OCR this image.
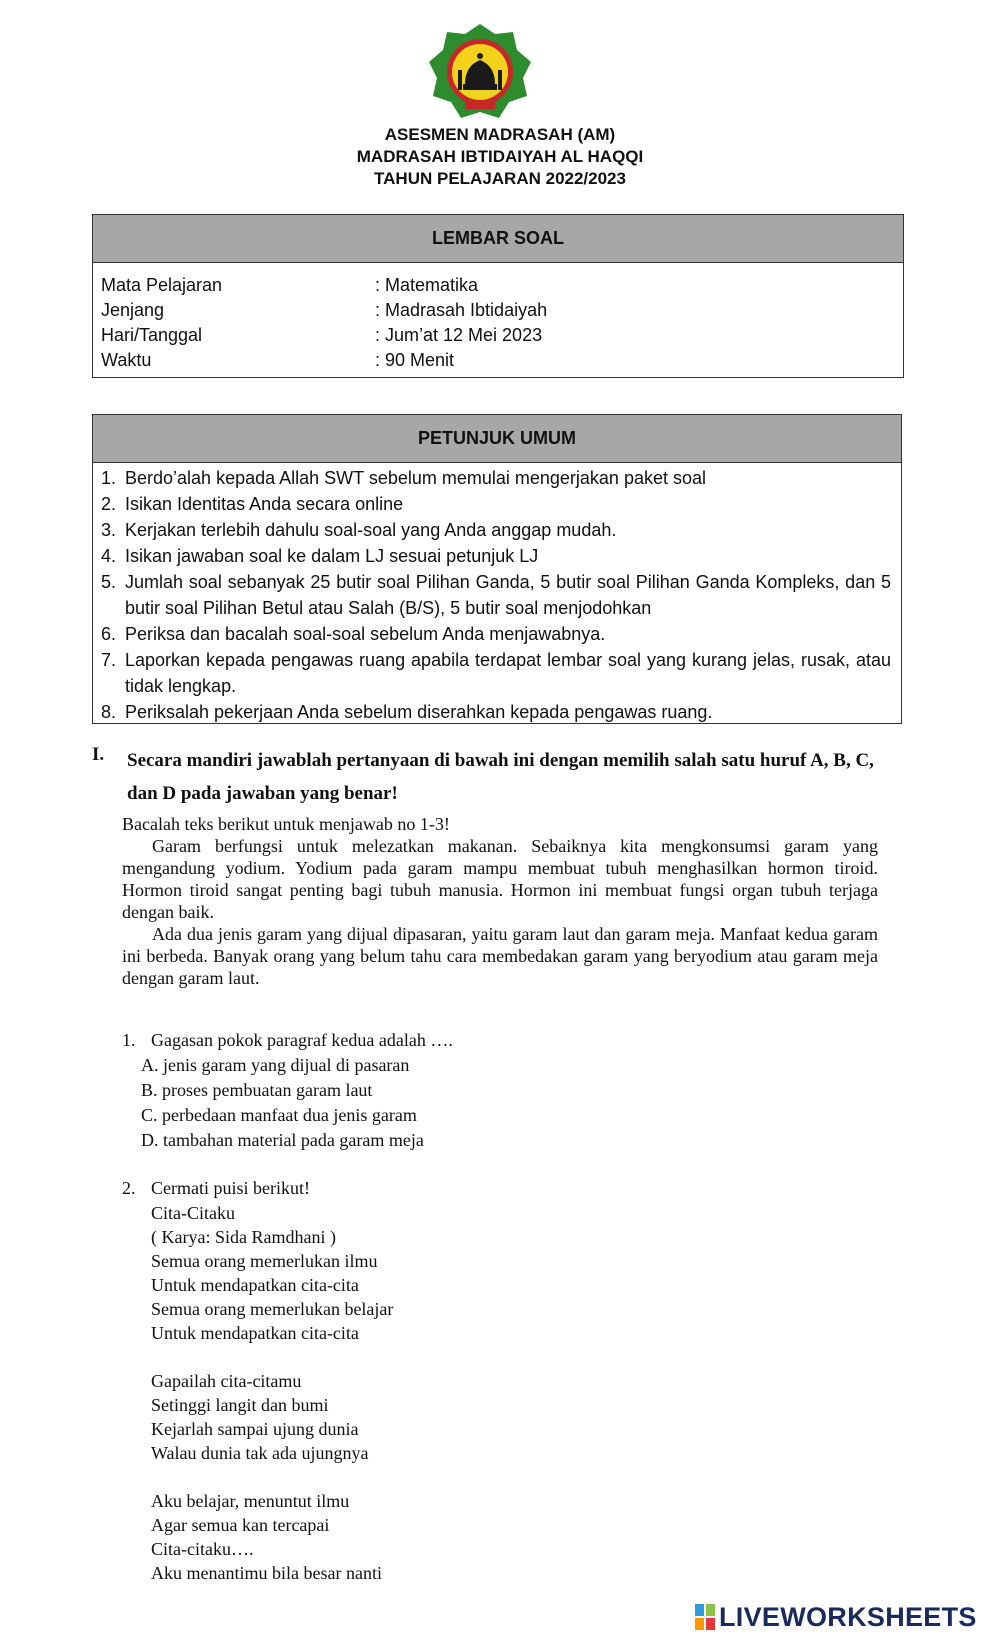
ASESMEN MADRASAH (AM)
MADRASAH IBTIDAIYAH AL HAQQI
TAHUN PELAJARAN 2022/2023
LEMBAR SOAL
Mata Pelajaran	: Matematika
Jenjang	: Madrasah Ibtidaiyah
Hari/Tanggal	: Jum’at 12 Mei 2023
Waktu	: 90 Menit
PETUNJUK UMUM
1. Berdo’alah kepada Allah SWT sebelum memulai mengerjakan paket soal
2. Isikan Identitas Anda secara online
3. Kerjakan terlebih dahulu soal-soal yang Anda anggap mudah.
4. Isikan jawaban soal ke dalam LJ sesuai petunjuk LJ
5. Jumlah soal sebanyak 25 butir soal Pilihan Ganda, 5 butir soal Pilihan Ganda Kompleks, dan 5 butir soal Pilihan Betul atau Salah (B/S), 5 butir soal menjodohkan
6. Periksa dan bacalah soal-soal sebelum Anda menjawabnya.
7. Laporkan kepada pengawas ruang apabila terdapat lembar soal yang kurang jelas, rusak, atau tidak lengkap.
8. Periksalah pekerjaan Anda sebelum diserahkan kepada pengawas ruang.
I. Secara mandiri jawablah pertanyaan di bawah ini dengan memilih salah satu huruf A, B, C, dan D pada jawaban yang benar!

Bacalah teks berikut untuk menjawab no 1-3!

Garam berfungsi untuk melezatkan makanan. Sebaiknya kita mengkonsumsi garam yang mengandung yodium. Yodium pada garam mampu membuat tubuh menghasilkan hormon tiroid. Hormon tiroid sangat penting bagi tubuh manusia. Hormon ini membuat fungsi organ tubuh terjaga dengan baik.

Ada dua jenis garam yang dijual dipasaran, yaitu garam laut dan garam meja. Manfaat kedua garam ini berbeda. Banyak orang yang belum tahu cara membedakan garam yang beryodium atau garam meja dengan garam laut.

1. Gagasan pokok paragraf kedua adalah ….
A. jenis garam yang dijual di pasaran
B. proses pembuatan garam laut
C. perbedaan manfaat dua jenis garam
D. tambahan material pada garam meja
2. Cermati puisi berikut!
Cita-Citaku
( Karya: Sida Ramdhani )
Semua orang memerlukan ilmu
Untuk mendapatkan cita-cita
Semua orang memerlukan belajar
Untuk mendapatkan cita-cita
Gapailah cita-citamu
Setinggi langit dan bumi
Kejarlah sampai ujung dunia
Walau dunia tak ada ujungnya
Aku belajar, menuntut ilmu
Agar semua kan tercapai
Cita-citaku….
Aku menantimu bila besar nanti
LIVEWORKSHEETS
